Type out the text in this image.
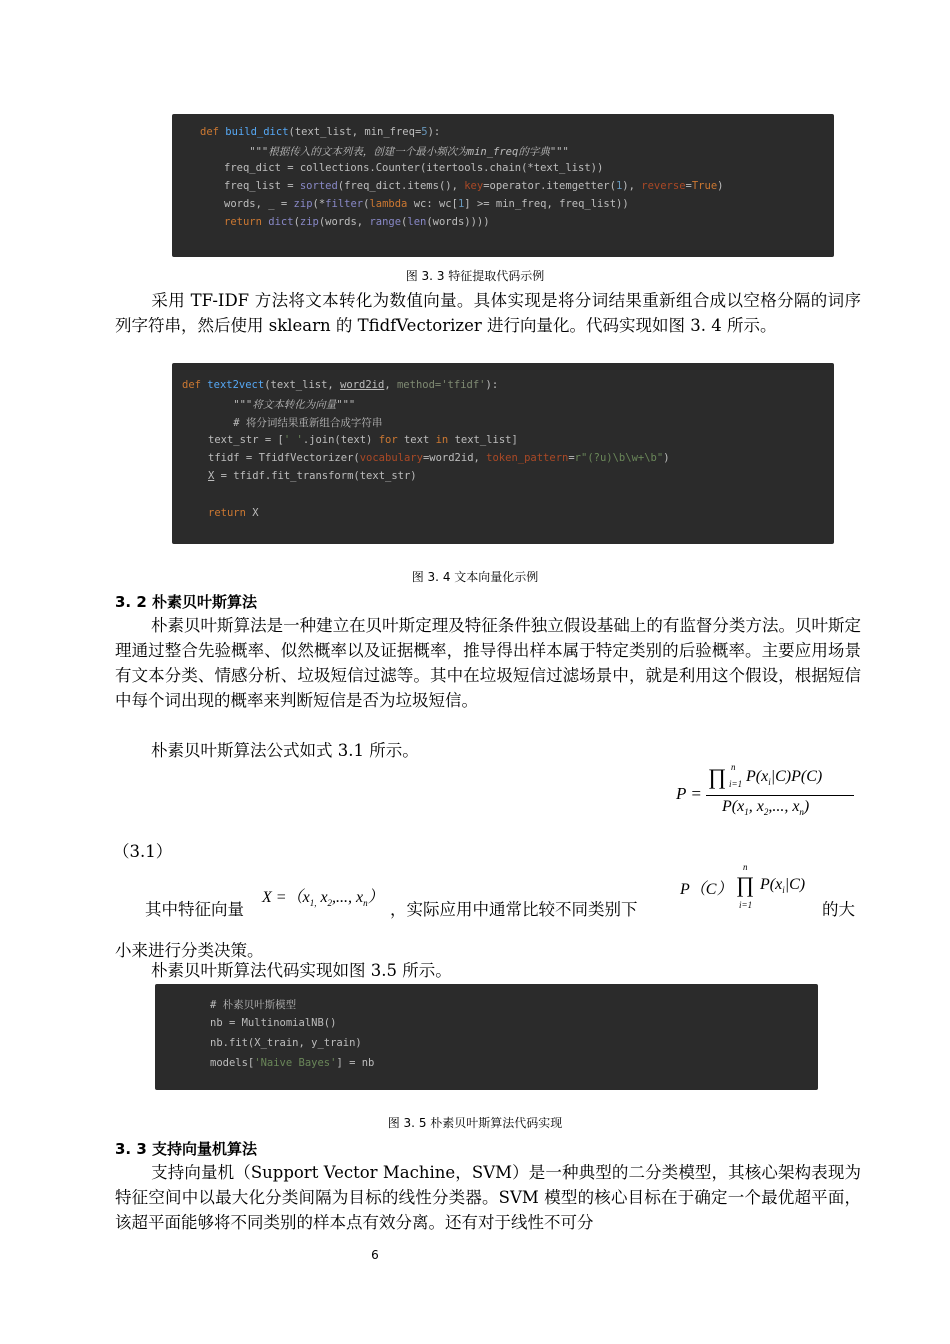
def build_dict(text_list, min_freq=5):
"""根据传入的文本列表，创建一个最小频次为min_freq的字典"""
freq_dict = collections.Counter(itertools.chain(*text_list))
freq_list = sorted(freq_dict.items(), key=operator.itemgetter(1), reverse=True)
words, _ = zip(*filter(lambda wc: wc[1] >= min_freq, freq_list))
return dict(zip(words, range(len(words))))
图 3. 3 特征提取代码示例

采用 TF-IDF 方法将文本转化为数值向量。具体实现是将分词结果重新组合成以空格分隔的词序列字符串，然后使用 sklearn 的 TfidfVectorizer 进行向量化。代码实现如图 3. 4 所示。

def text2vect(text_list, word2id, method='tfidf'):
"""将文本转化为向量"""
# 将分词结果重新组合成字符串
text_str = [' '.join(text) for text in text_list]
tfidf = TfidfVectorizer(vocabulary=word2id, token_pattern=r"(?u)\b\w+\b")
X = tfidf.fit_transform(text_str)
return X
图 3. 4 文本向量化示例
3. 2 朴素贝叶斯算法

朴素贝叶斯算法是一种建立在贝叶斯定理及特征条件独立假设基础上的有监督分类方法。贝叶斯定理通过整合先验概率、似然概率以及证据概率，推导得出样本属于特定类别的后验概率。主要应用场景有文本分类、情感分析、垃圾短信过滤等。其中在垃圾短信过滤场景中，就是利用这个假设，根据短信中每个词出现的概率来判断短信是否为垃圾短信。

朴素贝叶斯算法公式如式 3.1 所示。

P =
∏ n
i=1 $P(x_i|C)P(C)$
$P(x_1$, $x_2$,..., $x_n$)
（3.1）
其中特征向量
$X =(x_{1,}$ $x_2$,..., $x_n$）
，实际应用中通常比较不同类别下
P（C） ∏
n
i=1
$P(x_i|C)$
的大
小来进行分类决策。

朴素贝叶斯算法代码实现如图 3.5 所示。

# 朴素贝叶斯模型
nb = MultinomialNB()
nb.fit(X_train, y_train)
models['Naive Bayes'] = nb
图 3. 5 朴素贝叶斯算法代码实现
3. 3 支持向量机算法

支持向量机（Support Vector Machine，SVM）是一种典型的二分类模型，其核心架构表现为特征空间中以最大化分类间隔为目标的线性分类器。SVM 模型的核心目标在于确定一个最优超平面，该超平面能够将不同类别的样本点有效分离。还有对于线性不可分

6
